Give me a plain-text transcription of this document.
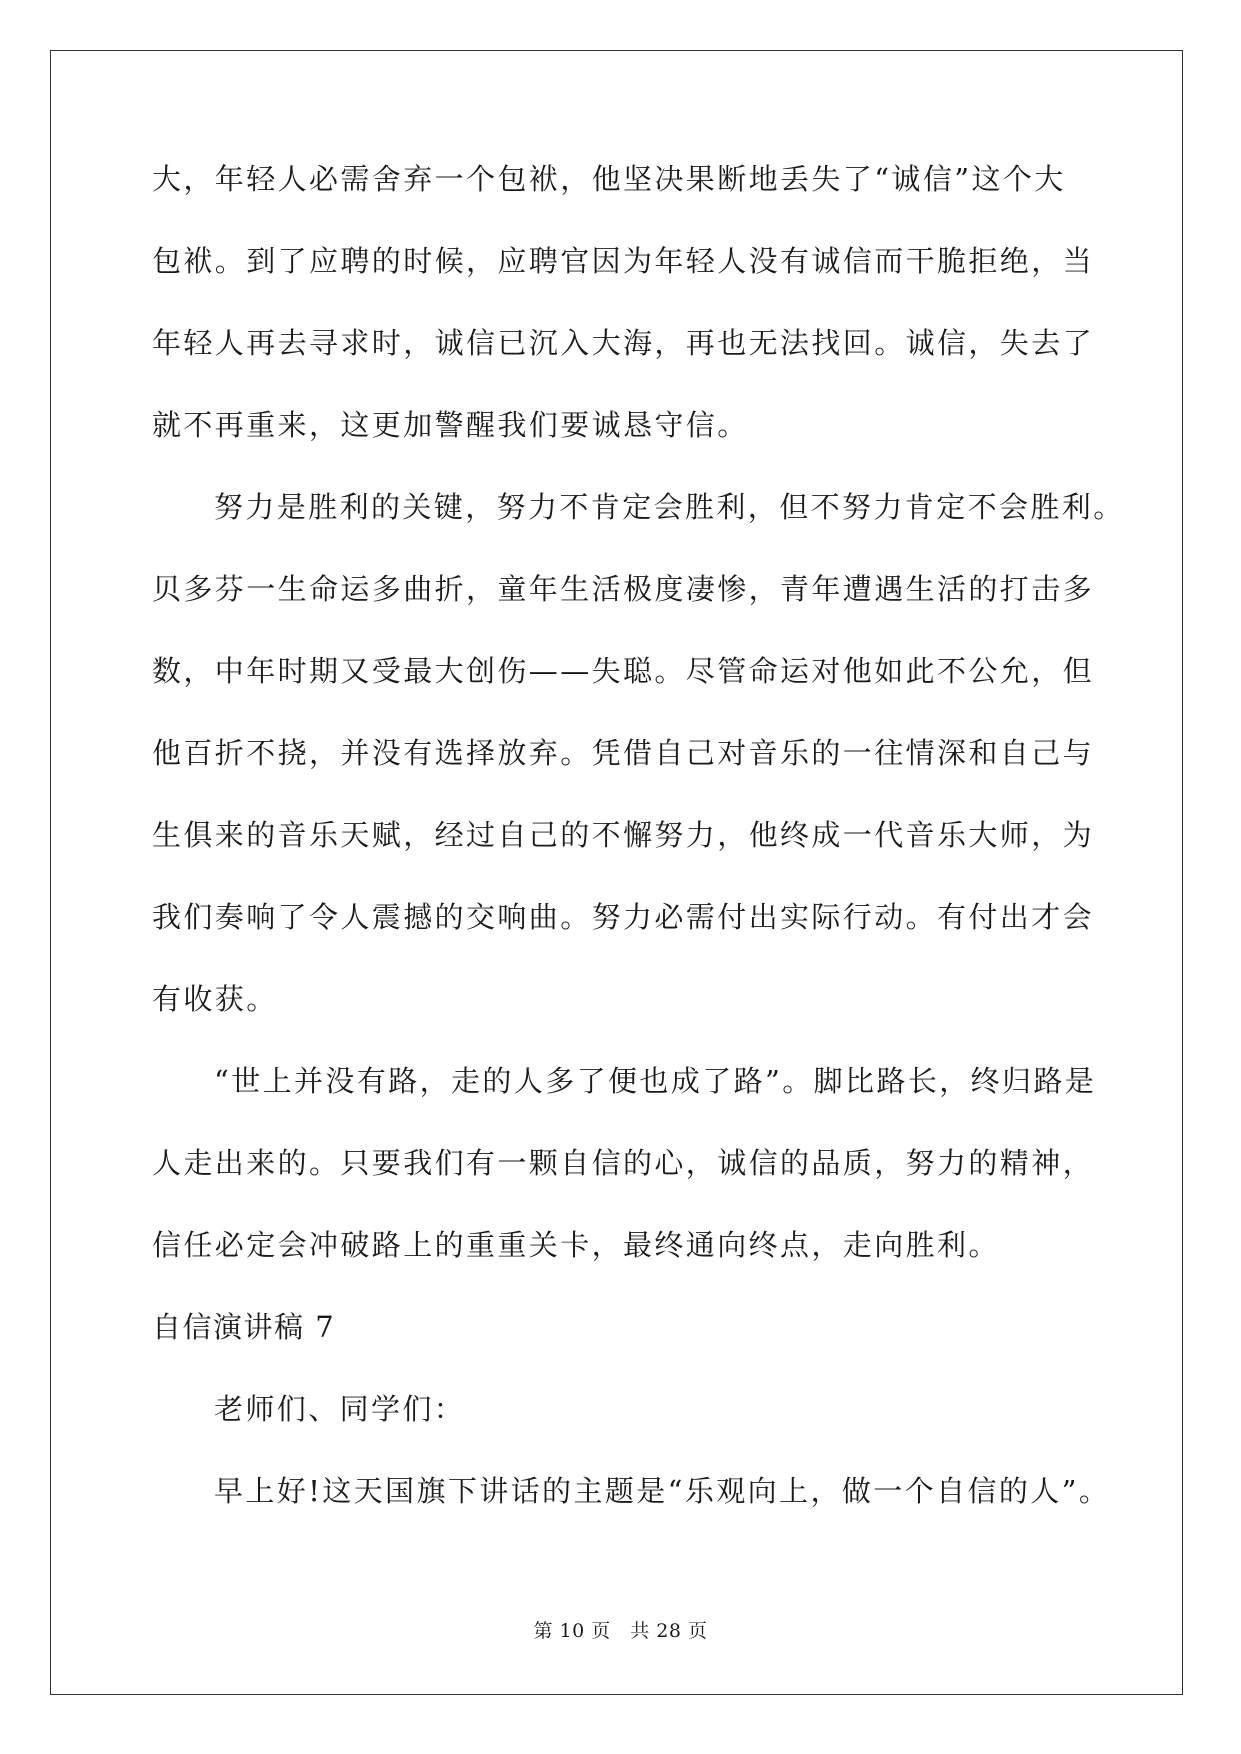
大，年轻人必需舍弃一个包袱，他坚决果断地丢失了“诚信”这个大
包袱。到了应聘的时候，应聘官因为年轻人没有诚信而干脆拒绝，当
年轻人再去寻求时，诚信已沉入大海，再也无法找回。诚信，失去了
就不再重来，这更加警醒我们要诚恳守信。
努力是胜利的关键，努力不肯定会胜利，但不努力肯定不会胜利。
贝多芬一生命运多曲折，童年生活极度凄惨，青年遭遇生活的打击多
数，中年时期又受最大创伤——失聪。尽管命运对他如此不公允，但
他百折不挠，并没有选择放弃。凭借自己对音乐的一往情深和自己与
生俱来的音乐天赋，经过自己的不懈努力，他终成一代音乐大师，为
我们奏响了令人震撼的交响曲。努力必需付出实际行动。有付出才会
有收获。
“世上并没有路，走的人多了便也成了路”。脚比路长，终归路是
人走出来的。只要我们有一颗自信的心，诚信的品质，努力的精神，
信任必定会冲破路上的重重关卡，最终通向终点，走向胜利。
自信演讲稿 7
老师们、同学们：
早上好!这天国旗下讲话的主题是“乐观向上，做一个自信的人”。
第 10 页　共 28 页
